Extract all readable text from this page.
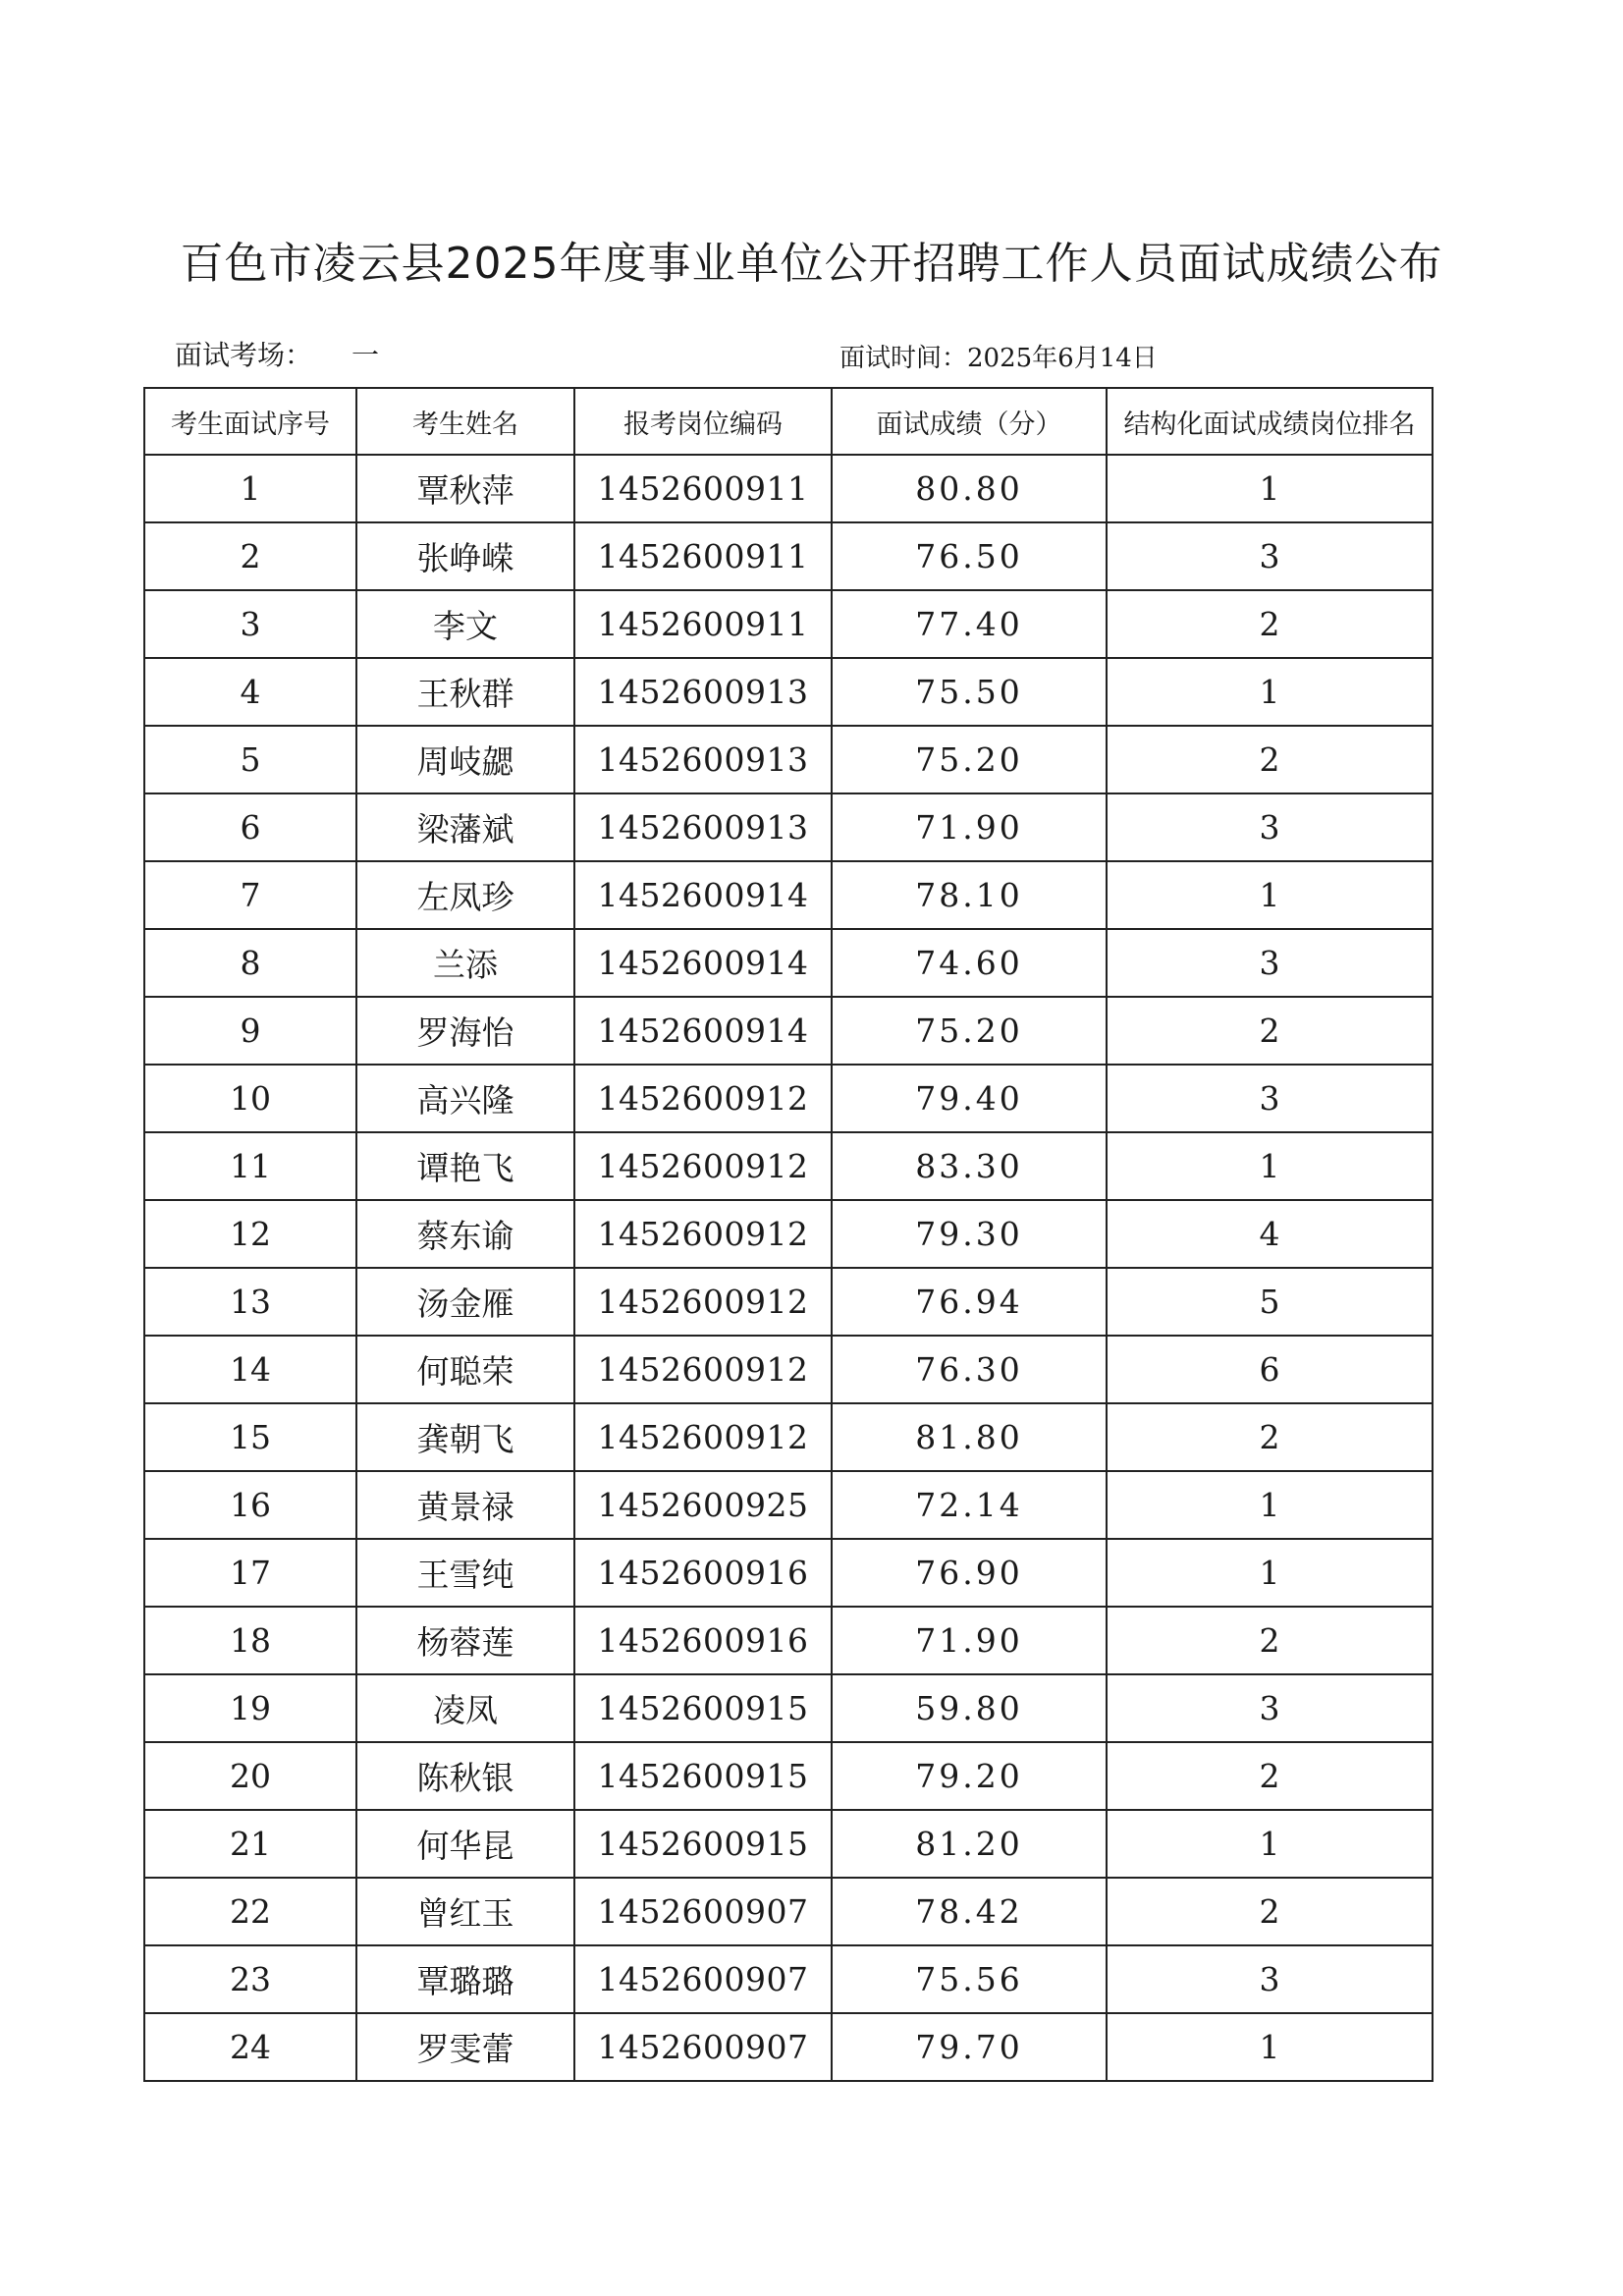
百色市凌云县2025年度事业单位公开招聘工作人员面试成绩公布
面试考场： 一	面试时间：2025年6月14日
考生面试序号	考生姓名	报考岗位编码	面试成绩（分）	结构化面试成绩岗位排名
1	覃秋萍	1452600911	80.80	1
2	张峥嵘	1452600911	76.50	3
3	李文	1452600911	77.40	2
4	王秋群	1452600913	75.50	1
5	周岐勰	1452600913	75.20	2
6	梁藩斌	1452600913	71.90	3
7	左凤珍	1452600914	78.10	1
8	兰添	1452600914	74.60	3
9	罗海怡	1452600914	75.20	2
10	高兴隆	1452600912	79.40	3
11	谭艳飞	1452600912	83.30	1
12	蔡东谕	1452600912	79.30	4
13	汤金雁	1452600912	76.94	5
14	何聪荣	1452600912	76.30	6
15	龚朝飞	1452600912	81.80	2
16	黄景禄	1452600925	72.14	1
17	王雪纯	1452600916	76.90	1
18	杨蓉莲	1452600916	71.90	2
19	凌凤	1452600915	59.80	3
20	陈秋银	1452600915	79.20	2
21	何华昆	1452600915	81.20	1
22	曾红玉	1452600907	78.42	2
23	覃璐璐	1452600907	75.56	3
24	罗雯蕾	1452600907	79.70	1
